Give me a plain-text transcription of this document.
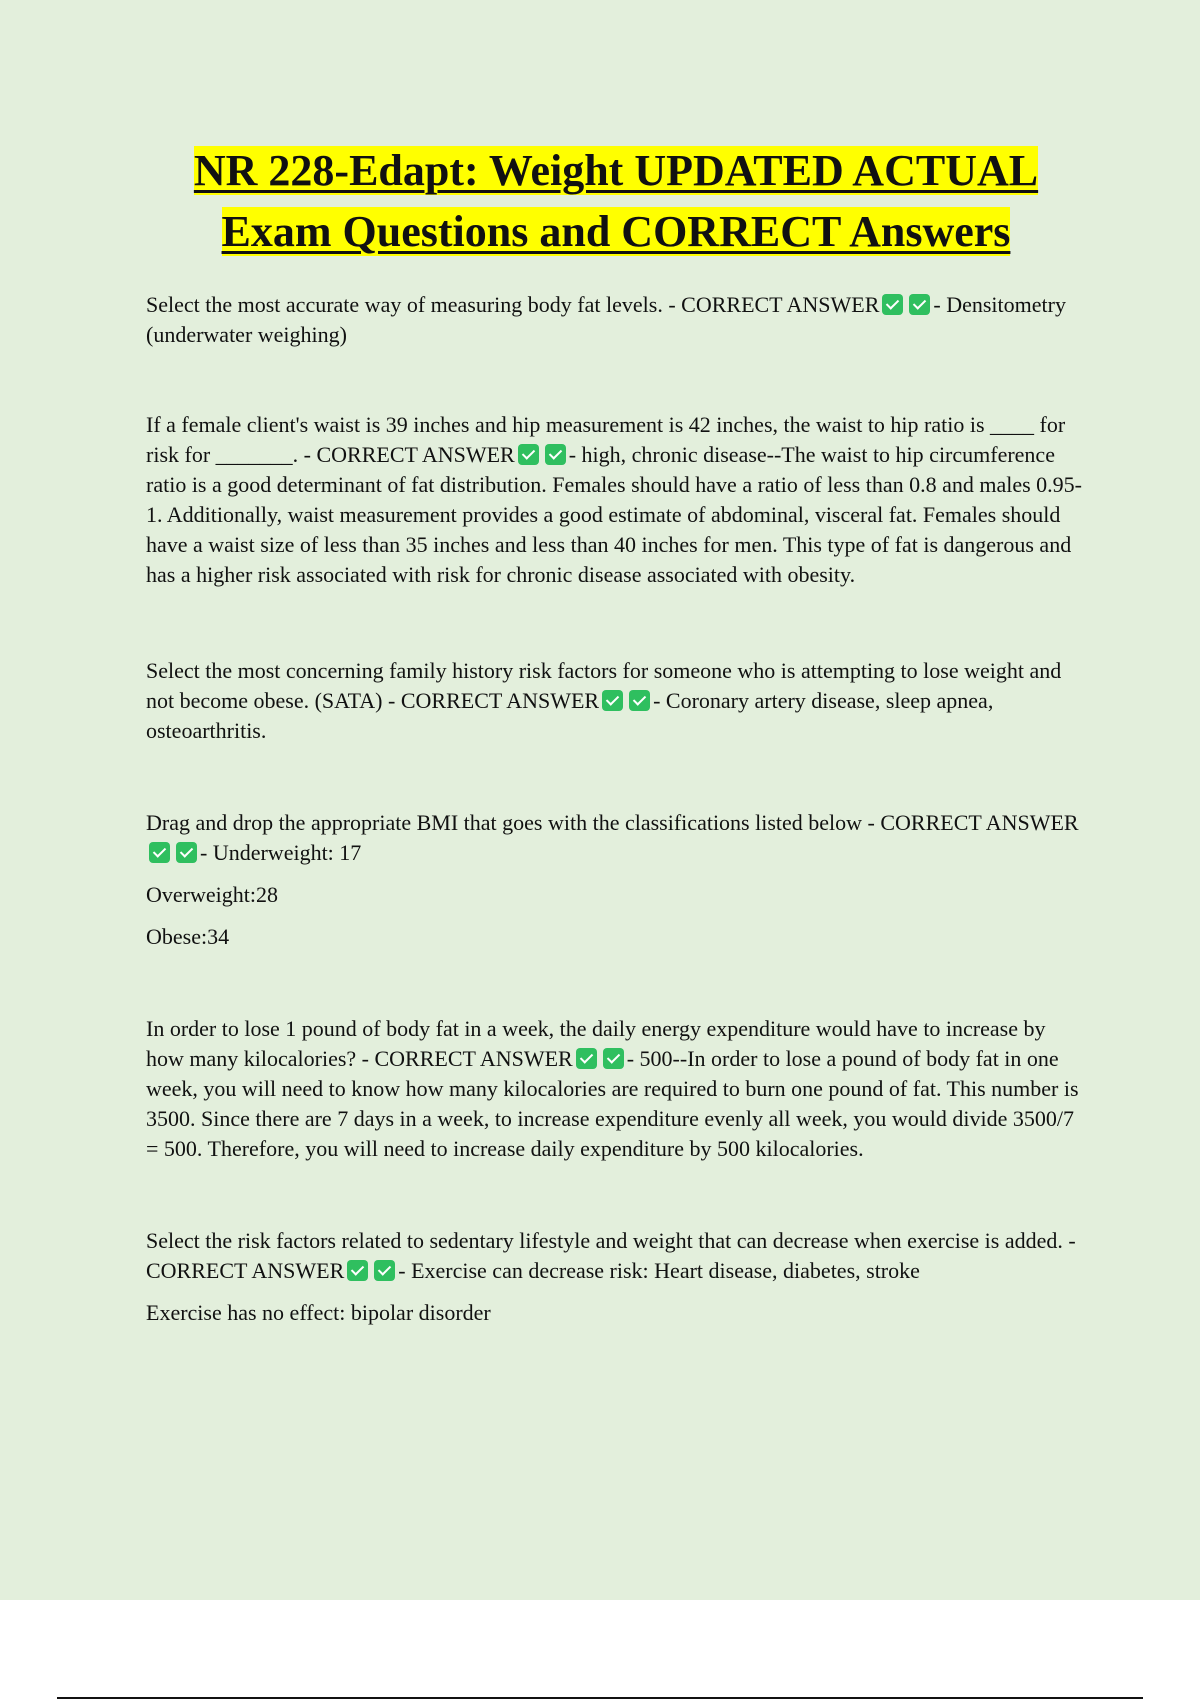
NR 228-Edapt: Weight UPDATED ACTUAL
Exam Questions and CORRECT Answers

Select the most accurate way of measuring body fat levels. - CORRECT ANSWER - Densitometry (underwater weighing)

If a female client's waist is 39 inches and hip measurement is 42 inches, the waist to hip ratio is ____ for risk for _______. - CORRECT ANSWER - high, chronic disease--The waist to hip circumference ratio is a good determinant of fat distribution. Females should have a ratio of less than 0.8 and males 0.95-1. Additionally, waist measurement provides a good estimate of abdominal, visceral fat. Females should have a waist size of less than 35 inches and less than 40 inches for men. This type of fat is dangerous and has a higher risk associated with risk for chronic disease associated with obesity.

Select the most concerning family history risk factors for someone who is attempting to lose weight and not become obese. (SATA) - CORRECT ANSWER - Coronary artery disease, sleep apnea, osteoarthritis.

Drag and drop the appropriate BMI that goes with the classifications listed below - CORRECT ANSWER- Underweight: 17

Overweight:28

Obese:34

In order to lose 1 pound of body fat in a week, the daily energy expenditure would have to increase by how many kilocalories? - CORRECT ANSWER - 500--In order to lose a pound of body fat in one week, you will need to know how many kilocalories are required to burn one pound of fat. This number is 3500. Since there are 7 days in a week, to increase expenditure evenly all week, you would divide 3500/7 = 500. Therefore, you will need to increase daily expenditure by 500 kilocalories.

Select the risk factors related to sedentary lifestyle and weight that can decrease when exercise is added. - CORRECT ANSWER - Exercise can decrease risk: Heart disease, diabetes, stroke

Exercise has no effect: bipolar disorder
